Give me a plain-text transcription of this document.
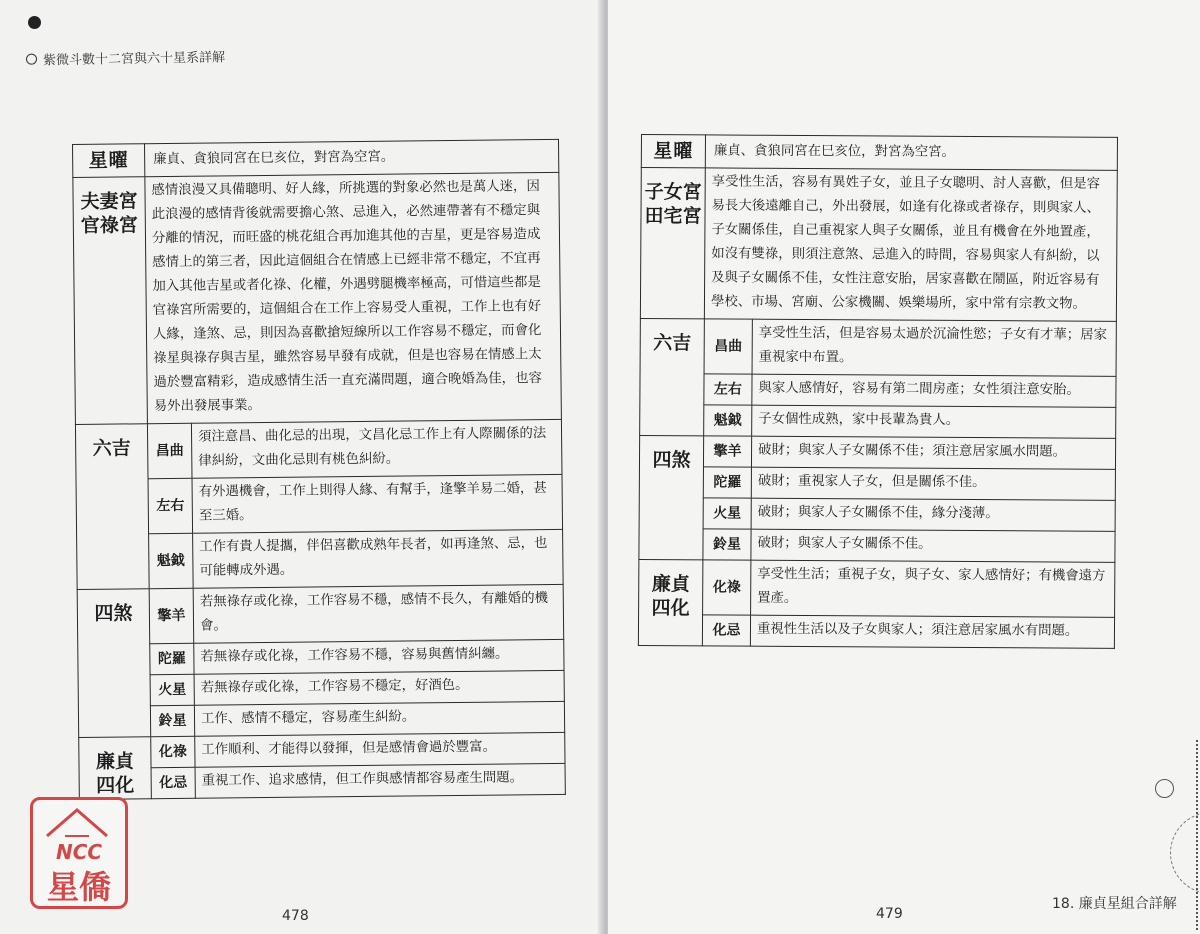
紫微斗數十二宮與六十星系詳解
星曜	廉貞、貪狼同宮在巳亥位，對宮為空宮。	

夫妻宮
官祿宮	感情浪漫又具備聰明、好人緣，所挑選的對象必然也是萬人迷，因此浪漫的感情背後就需要擔心煞、忌進入，必然連帶著有不穩定與分離的情況，而旺盛的桃花組合再加進其他的吉星，更是容易造成感情上的第三者，因此這個組合在情感上已經非常不穩定，不宜再加入其他吉星或者化祿、化權，外遇劈腿機率極高，可惜這些都是官祿宮所需要的，這個組合在工作上容易受人重視，工作上也有好人緣，逢煞、忌，則因為喜歡搶短線所以工作容易不穩定，而會化祿星與祿存與吉星，雖然容易早發有成就，但是也容易在情感上太過於豐富精彩，造成感情生活一直充滿問題，適合晚婚為佳，也容易外出發展事業。	
六吉	昌曲	須注意昌、曲化忌的出現，文昌化忌工作上有人際關係的法律糾紛，文曲化忌則有桃色糾紛。
	左右	有外遇機會，工作上則得人緣、有幫手，逢擎羊易二婚，甚至三婚。
	魁鉞	工作有貴人提攜，伴侶喜歡成熟年長者，如再逢煞、忌，也可能轉成外遇。
四煞	擎羊	若無祿存或化祿，工作容易不穩，感情不長久，有離婚的機會。
	陀羅	若無祿存或化祿，工作容易不穩，容易與舊情糾纏。
	火星	若無祿存或化祿，工作容易不穩定，好酒色。
	鈴星	工作、感情不穩定，容易產生糾紛。

廉貞
四化	化祿	工作順利、才能得以發揮，但是感情會過於豐富。
	化忌	重視工作、追求感情，但工作與感情都容易產生問題。
478
NCC
星僑
星曜	廉貞、貪狼同宮在巳亥位，對宮為空宮。	

子女宮
田宅宮	享受性生活，容易有異姓子女，並且子女聰明、討人喜歡，但是容易長大後遠離自己，外出發展，如逢有化祿或者祿存，則與家人、子女關係佳，自己重視家人與子女關係，並且有機會在外地置產，如沒有雙祿，則須注意煞、忌進入的時間，容易與家人有糾紛，以及與子女關係不佳，女性注意安胎，居家喜歡在鬧區，附近容易有學校、市場、宮廟、公家機關、娛樂場所，家中常有宗教文物。	
六吉	昌曲	享受性生活，但是容易太過於沉淪性慾；子女有才華；居家重視家中布置。
	左右	與家人感情好，容易有第二間房產；女性須注意安胎。
	魁鉞	子女個性成熟，家中長輩為貴人。
四煞	擎羊	破財；與家人子女關係不佳；須注意居家風水問題。
	陀羅	破財；重視家人子女，但是關係不佳。
	火星	破財；與家人子女關係不佳，緣分淺薄。
	鈴星	破財；與家人子女關係不佳。

廉貞
四化	化祿	享受性生活；重視子女，與子女、家人感情好；有機會遠方置產。
	化忌	重視性生活以及子女與家人；須注意居家風水有問題。
479
18. 廉貞星組合詳解
